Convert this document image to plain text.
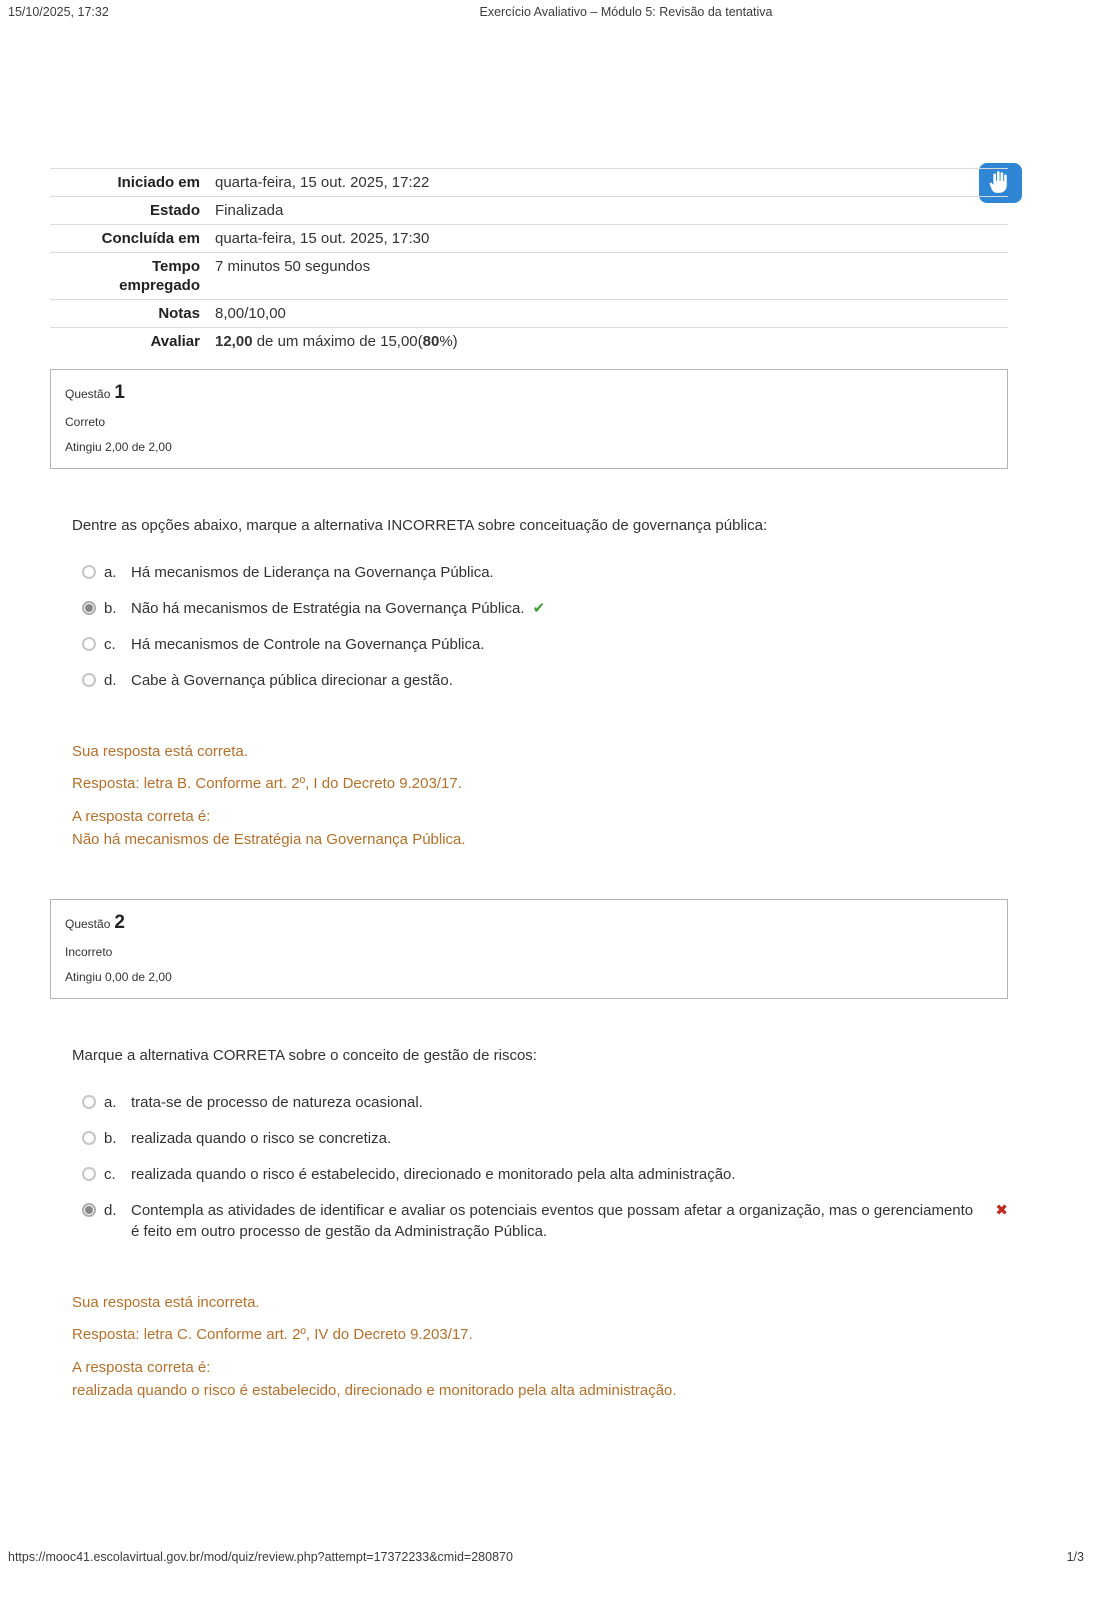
15/10/2025, 17:32	Exercício Avaliativo – Módulo 5: Revisão da tentativa
Iniciado em quarta-feira, 15 out. 2025, 17:22
Estado Finalizada
Concluída em quarta-feira, 15 out. 2025, 17:30
Tempo empregado
7 minutos 50 segundos
Notas 8,00/10,00
Avaliar 12,00 de um máximo de 15,00(80%)
Questão 1
Correto
Atingiu 2,00 de 2,00
Dentre as opções abaixo, marque a alternativa INCORRETA sobre conceituação de governança pública:
a. Há mecanismos de Liderança na Governança Pública.
b. Não há mecanismos de Estratégia na Governança Pública. ✔
c.	Há mecanismos de Controle na Governança Pública.
d. Cabe à Governança pública direcionar a gestão.
Sua resposta está correta.
Resposta: letra B. Conforme art. 2º, I do Decreto 9.203/17.
A resposta correta é:
Não há mecanismos de Estratégia na Governança Pública.
Questão 2
Incorreto
Atingiu 0,00 de 2,00
Marque a alternativa CORRETA sobre o conceito de gestão de riscos:
a. trata-se de processo de natureza ocasional.
b. realizada quando o risco se concretiza.
c.	realizada quando o risco é estabelecido, direcionado e monitorado pela alta administração.
d. Contempla as atividades de identificar e avaliar os potenciais eventos que possam afetar a organização, mas o gerenciamento é feito em outro processo de gestão da Administração Pública.
✖
Sua resposta está incorreta.
Resposta: letra C. Conforme art. 2º, IV do Decreto 9.203/17.
A resposta correta é:
realizada quando o risco é estabelecido, direcionado e monitorado pela alta administração.
https://mooc41.escolavirtual.gov.br/mod/quiz/review.php?attempt=17372233&cmid=280870	1/3
